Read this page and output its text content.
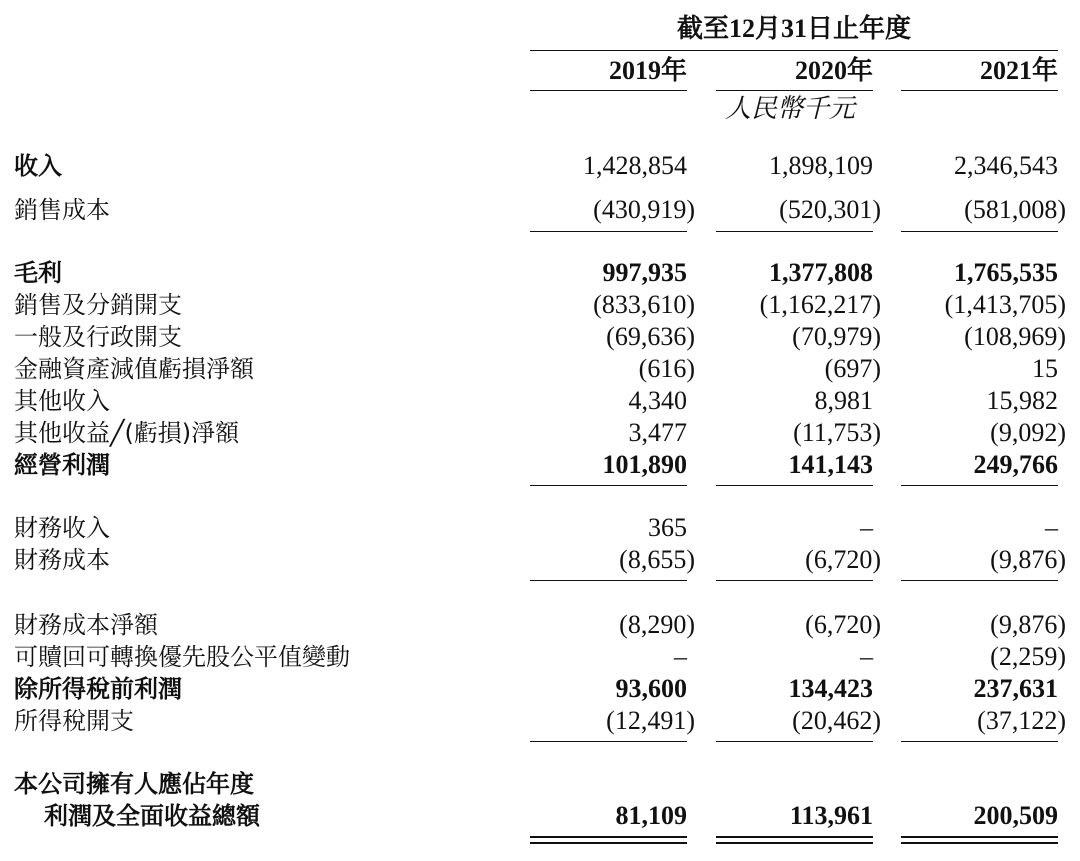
截至12月31日止年度
2019年	2020年	2021年
人民幣千元
收入	1,428,854	1,898,109	2,346,543
銷售成本	(430,919)	(520,301)	(581,008)
毛利	997,935	1,377,808	1,765,535
銷售及分銷開支	(833,610)	(1,162,217)	(1,413,705)
一般及行政開支	(69,636)	(70,979)	(108,969)
金融資產減值虧損淨額	(616)	(697)	15
其他收入	4,340	8,981	15,982
其他收益╱(虧損)淨額	3,477	(11,753)	(9,092)
經營利潤	101,890	141,143	249,766
財務收入	365	–	–
財務成本	(8,655)	(6,720)	(9,876)
財務成本淨額	(8,290)	(6,720)	(9,876)
可贖回可轉換優先股公平值變動	–	–	(2,259)
除所得稅前利潤	93,600	134,423	237,631
所得稅開支	(12,491)	(20,462)	(37,122)
本公司擁有人應佔年度
利潤及全面收益總額	81,109	113,961	200,509
